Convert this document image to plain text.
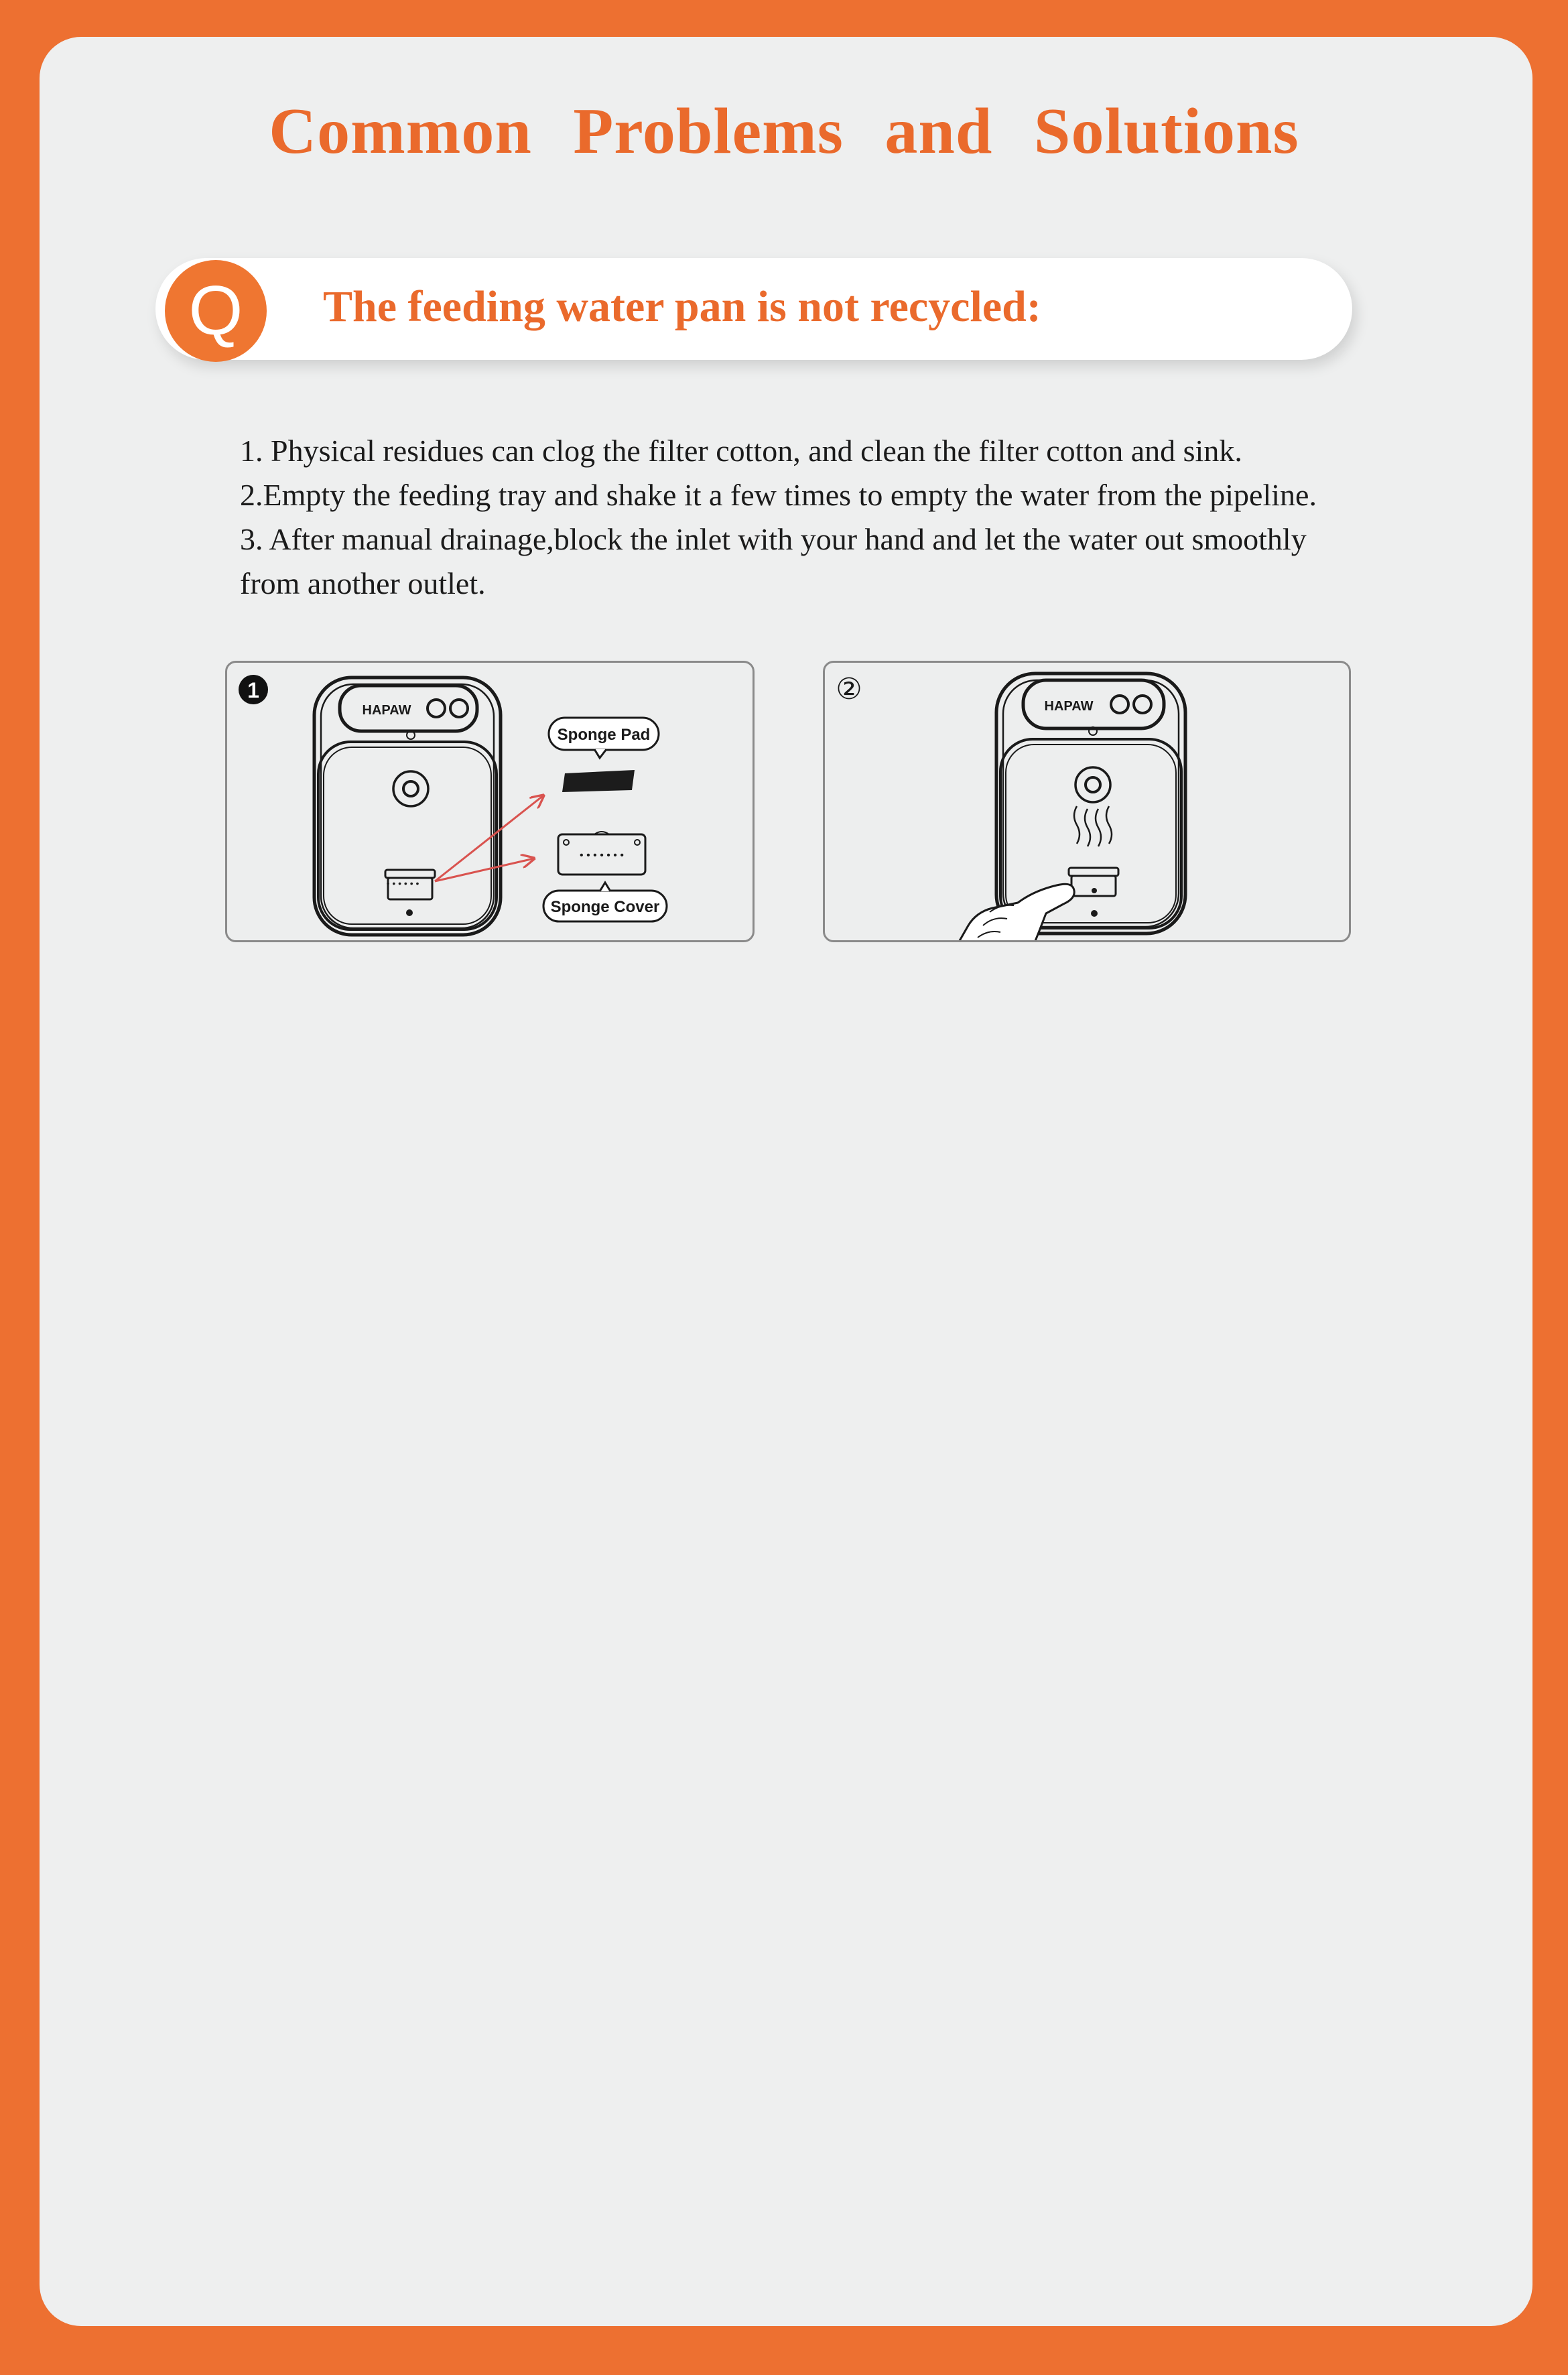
Common Problems and Solutions
Q	The feeding water pan is not recycled:
1. Physical residues can clog the filter cotton, and clean the filter cotton and sink.
2.Empty the feeding tray and shake it a few times to empty the water from the pipeline.
3. After manual drainage,block the inlet with your hand and let the water out smoothly
from another outlet.
1
• • • • • •
HAPAW
Sponge Pad
• • • • • • •
Sponge Cover
②	HAPAW
